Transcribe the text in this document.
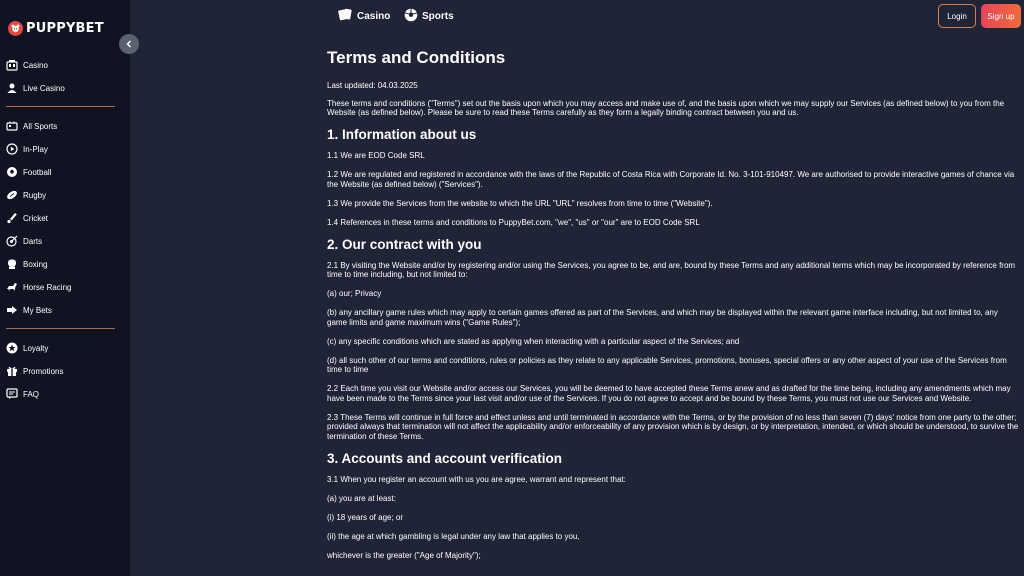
PUPPYBET
Casino
Live Casino
All Sports
In-Play
Football
Rugby
Cricket
Darts
Boxing
Horse Racing
My Bets
Loyalty
Promotions
FAQ
Casino	Sports	Login	Sign up
Terms and Conditions

Last updated: 04.03.2025

These terms and conditions ("Terms") set out the basis upon which you may access and make use of, and the basis upon which we may supply our Services (as defined below) to you from the Website (as defined below). Please be sure to read these Terms carefully as they form a legally binding contract between you and us.

1. Information about us

1.1 We are EOD Code SRL

1.2 We are regulated and registered in accordance with the laws of the Republic of Costa Rica with Corporate Id. No. 3-101-910497. We are authorised to provide interactive games of chance via the Website (as defined below) ("Services").

1.3 We provide the Services from the website to which the URL "URL" resolves from time to time ("Website").

1.4 References in these terms and conditions to PuppyBet.com, "we", "us" or "our" are to EOD Code SRL

2. Our contract with you

2.1 By visiting the Website and/or by registering and/or using the Services, you agree to be, and are, bound by these Terms and any additional terms which may be incorporated by reference from time to time including, but not limited to:

(a) our; Privacy

(b) any ancillary game rules which may apply to certain games offered as part of the Services, and which may be displayed within the relevant game interface including, but not limited to, any game limits and game maximum wins ("Game Rules");

(c) any specific conditions which are stated as applying when interacting with a particular aspect of the Services; and

(d) all such other of our terms and conditions, rules or policies as they relate to any applicable Services, promotions, bonuses, special offers or any other aspect of your use of the Services from time to time

2.2 Each time you visit our Website and/or access our Services, you will be deemed to have accepted these Terms anew and as drafted for the time being, including any amendments which may have been made to the Terms since your last visit and/or use of the Services. If you do not agree to accept and be bound by these Terms, you must not use our Services and Website.

2.3 These Terms will continue in full force and effect unless and until terminated in accordance with the Terms, or by the provision of no less than seven (7) days' notice from one party to the other; provided always that termination will not affect the applicability and/or enforceability of any provision which is by design, or by interpretation, intended, or which should be understood, to survive the termination of these Terms.

3. Accounts and account verification

3.1 When you register an account with us you are agree, warrant and represent that:

(a) you are at least:

(i) 18 years of age; or

(ii) the age at which gambling is legal under any law that applies to you,

whichever is the greater ("Age of Majority");
